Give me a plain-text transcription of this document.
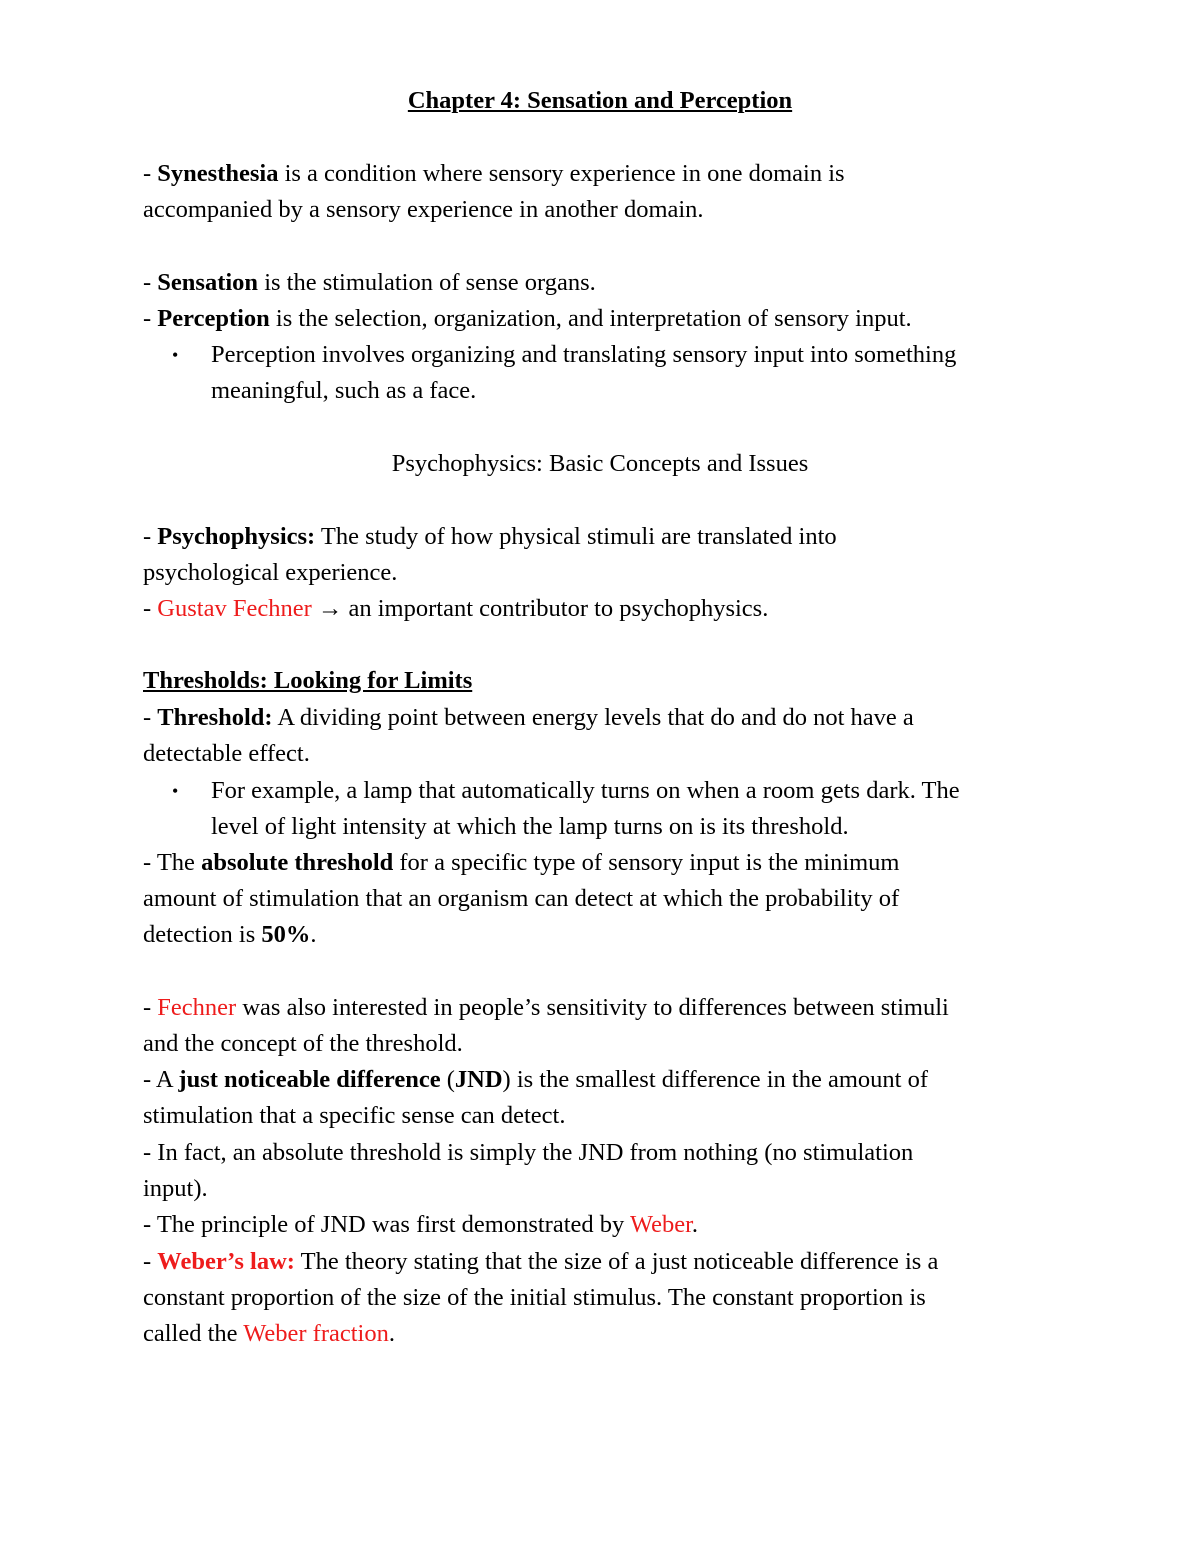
Chapter 4: Sensation and Perception
- Synesthesia is a condition where sensory experience in one domain is
accompanied by a sensory experience in another domain.
- Sensation is the stimulation of sense organs.
- Perception is the selection, organization, and interpretation of sensory input.
• Perception involves organizing and translating sensory input into something
meaningful, such as a face.
Psychophysics: Basic Concepts and Issues
- Psychophysics: The study of how physical stimuli are translated into
psychological experience.
- Gustav Fechner → an important contributor to psychophysics.
Thresholds: Looking for Limits
- Threshold: A dividing point between energy levels that do and do not have a
detectable effect.
• For example, a lamp that automatically turns on when a room gets dark. The
level of light intensity at which the lamp turns on is its threshold.
- The absolute threshold for a specific type of sensory input is the minimum
amount of stimulation that an organism can detect at which the probability of
detection is 50%.
- Fechner was also interested in people’s sensitivity to differences between stimuli
and the concept of the threshold.
- A just noticeable difference (JND) is the smallest difference in the amount of
stimulation that a specific sense can detect.
- In fact, an absolute threshold is simply the JND from nothing (no stimulation
input).
- The principle of JND was first demonstrated by Weber.
- Weber’s law: The theory stating that the size of a just noticeable difference is a
constant proportion of the size of the initial stimulus. The constant proportion is
called the Weber fraction.
